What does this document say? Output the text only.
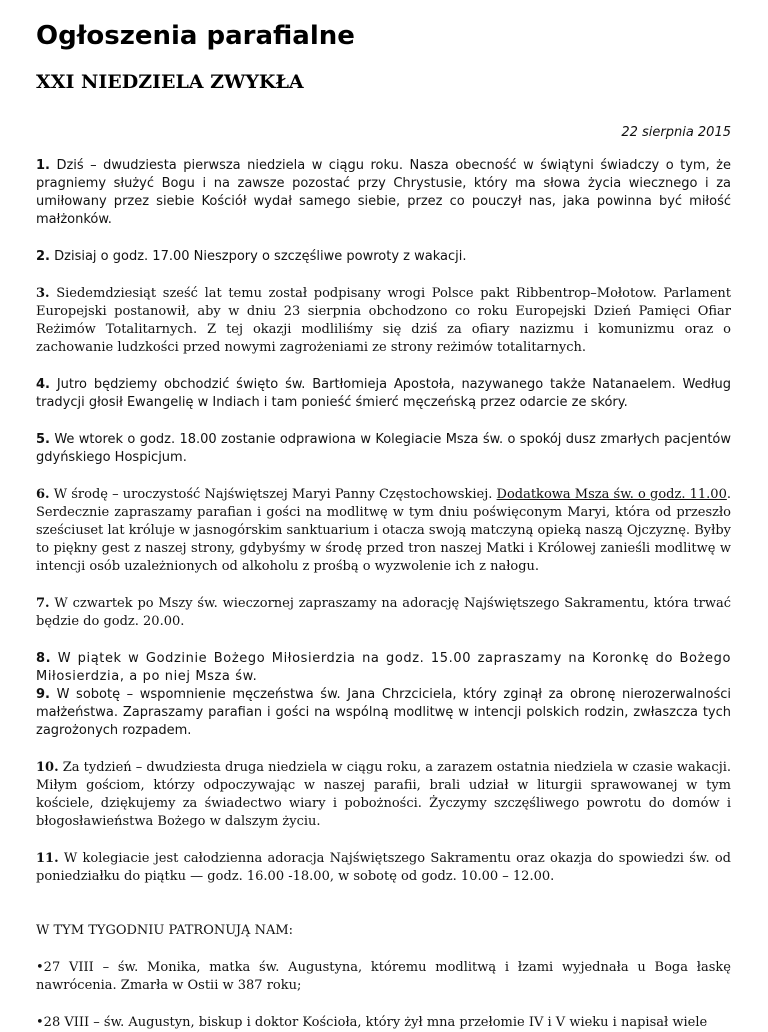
Ogłoszenia parafialne
XXI NIEDZIELA ZWYKŁA
22 sierpnia 2015

1. Dziś – dwudziesta pierwsza niedziela w ciągu roku. Nasza obecność w świątyni świadczy o tym, że pragniemy służyć Bogu i na zawsze pozostać przy Chrystusie, który ma słowa życia wiecznego i za umiłowany przez siebie Kościół wydał samego siebie, przez co pouczył nas, jaka powinna być miłość małżonków.

2. Dzisiaj o godz. 17.00 Nieszpory o szczęśliwe powroty z wakacji.

3. Siedemdziesiąt sześć lat temu został podpisany wrogi Polsce pakt Ribbentrop–Mołotow. Parlament Europejski postanowił, aby w dniu 23 sierpnia obchodzono co roku Europejski Dzień Pamięci Ofiar Reżimów Totalitarnych. Z tej okazji modliliśmy się dziś za ofiary nazizmu i komunizmu oraz o zachowanie ludzkości przed nowymi zagrożeniami ze strony reżimów totalitarnych.

4. Jutro będziemy obchodzić święto św. Bartłomieja Apostoła, nazywanego także Natanaelem. Według tradycji głosił Ewangelię w Indiach i tam ponieść śmierć męczeńską przez odarcie ze skóry.

5. We wtorek o godz. 18.00 zostanie odprawiona w Kolegiacie Msza św. o spokój dusz zmarłych pacjentów gdyńskiego Hospicjum.

6. W środę – uroczystość Najświętszej Maryi Panny Częstochowskiej. Dodatkowa Msza św. o godz. 11.00. Serdecznie zapraszamy parafian i gości na modlitwę w tym dniu poświęconym Maryi, która od przeszło sześciuset lat króluje w jasnogórskim sanktuarium i otacza swoją matczyną opieką naszą Ojczyznę. Byłby to piękny gest z naszej strony, gdybyśmy w środę przed tron naszej Matki i Królowej zanieśli modlitwę w intencji osób uzależnionych od alkoholu z prośbą o wyzwolenie ich z nałogu.

7. W czwartek po Mszy św. wieczornej zapraszamy na adorację Najświętszego Sakramentu, która trwać będzie do godz. 20.00.

8. W piątek w Godzinie Bożego Miłosierdzia na godz. 15.00 zapraszamy na Koronkę do Bożego Miłosierdzia, a po niej Msza św.

9. W sobotę – wspomnienie męczeństwa św. Jana Chrzciciela, który zginął za obronę nierozerwalności małżeństwa. Zapraszamy parafian i gości na wspólną modlitwę w intencji polskich rodzin, zwłaszcza tych zagrożonych rozpadem.

10. Za tydzień – dwudziesta druga niedziela w ciągu roku, a zarazem ostatnia niedziela w czasie wakacji. Miłym gościom, którzy odpoczywając w naszej parafii, brali udział w liturgii sprawowanej w tym kościele, dziękujemy za świadectwo wiary i pobożności. Życzymy szczęśliwego powrotu do domów i błogosławieństwa Bożego w dalszym życiu.

11. W kolegiacie jest całodzienna adoracja Najświętszego Sakramentu oraz okazja do spowiedzi św. od poniedziałku do piątku — godz. 16.00 -18.00, w sobotę od godz. 10.00 – 12.00.

W TYM TYGODNIU PATRONUJĄ NAM:

•27 VIII – św. Monika, matka św. Augustyna, któremu modlitwą i łzami wyjednała u Boga łaskę nawrócenia. Zmarła w Ostii w 387 roku;

•28 VIII – św. Augustyn, biskup i doktor Kościoła, który żył mna przełomie IV i V wieku i napisał wiele
